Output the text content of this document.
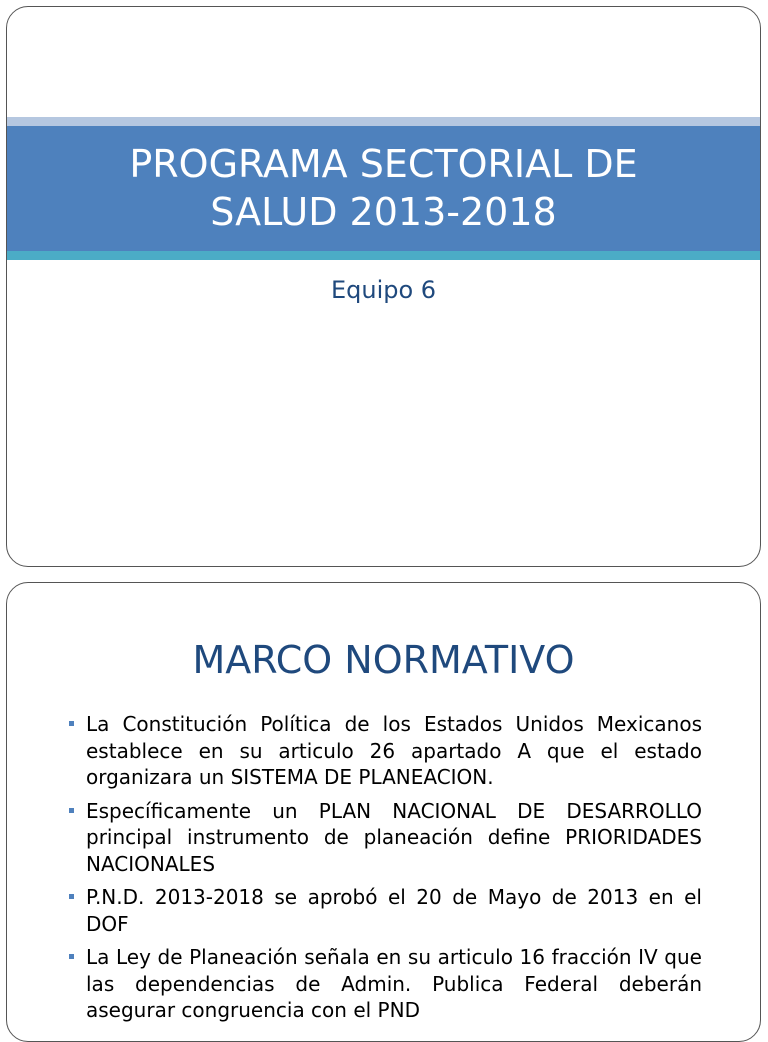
PROGRAMA SECTORIAL DE
SALUD 2013-2018
Equipo 6
MARCO NORMATIVO
La Constitución Política de los Estados Unidos Mexicanos establece en su articulo 26 apartado A que el estado organizara un SISTEMA DE PLANEACION.
Específicamente un PLAN NACIONAL DE DESARROLLO principal instrumento de planeación define PRIORIDADES NACIONALES
P.N.D. 2013-2018 se aprobó el 20 de Mayo de 2013 en el DOF
La Ley de Planeación señala en su articulo 16 fracción IV que las dependencias de Admin. Publica Federal deberán asegurar congruencia con el PND
